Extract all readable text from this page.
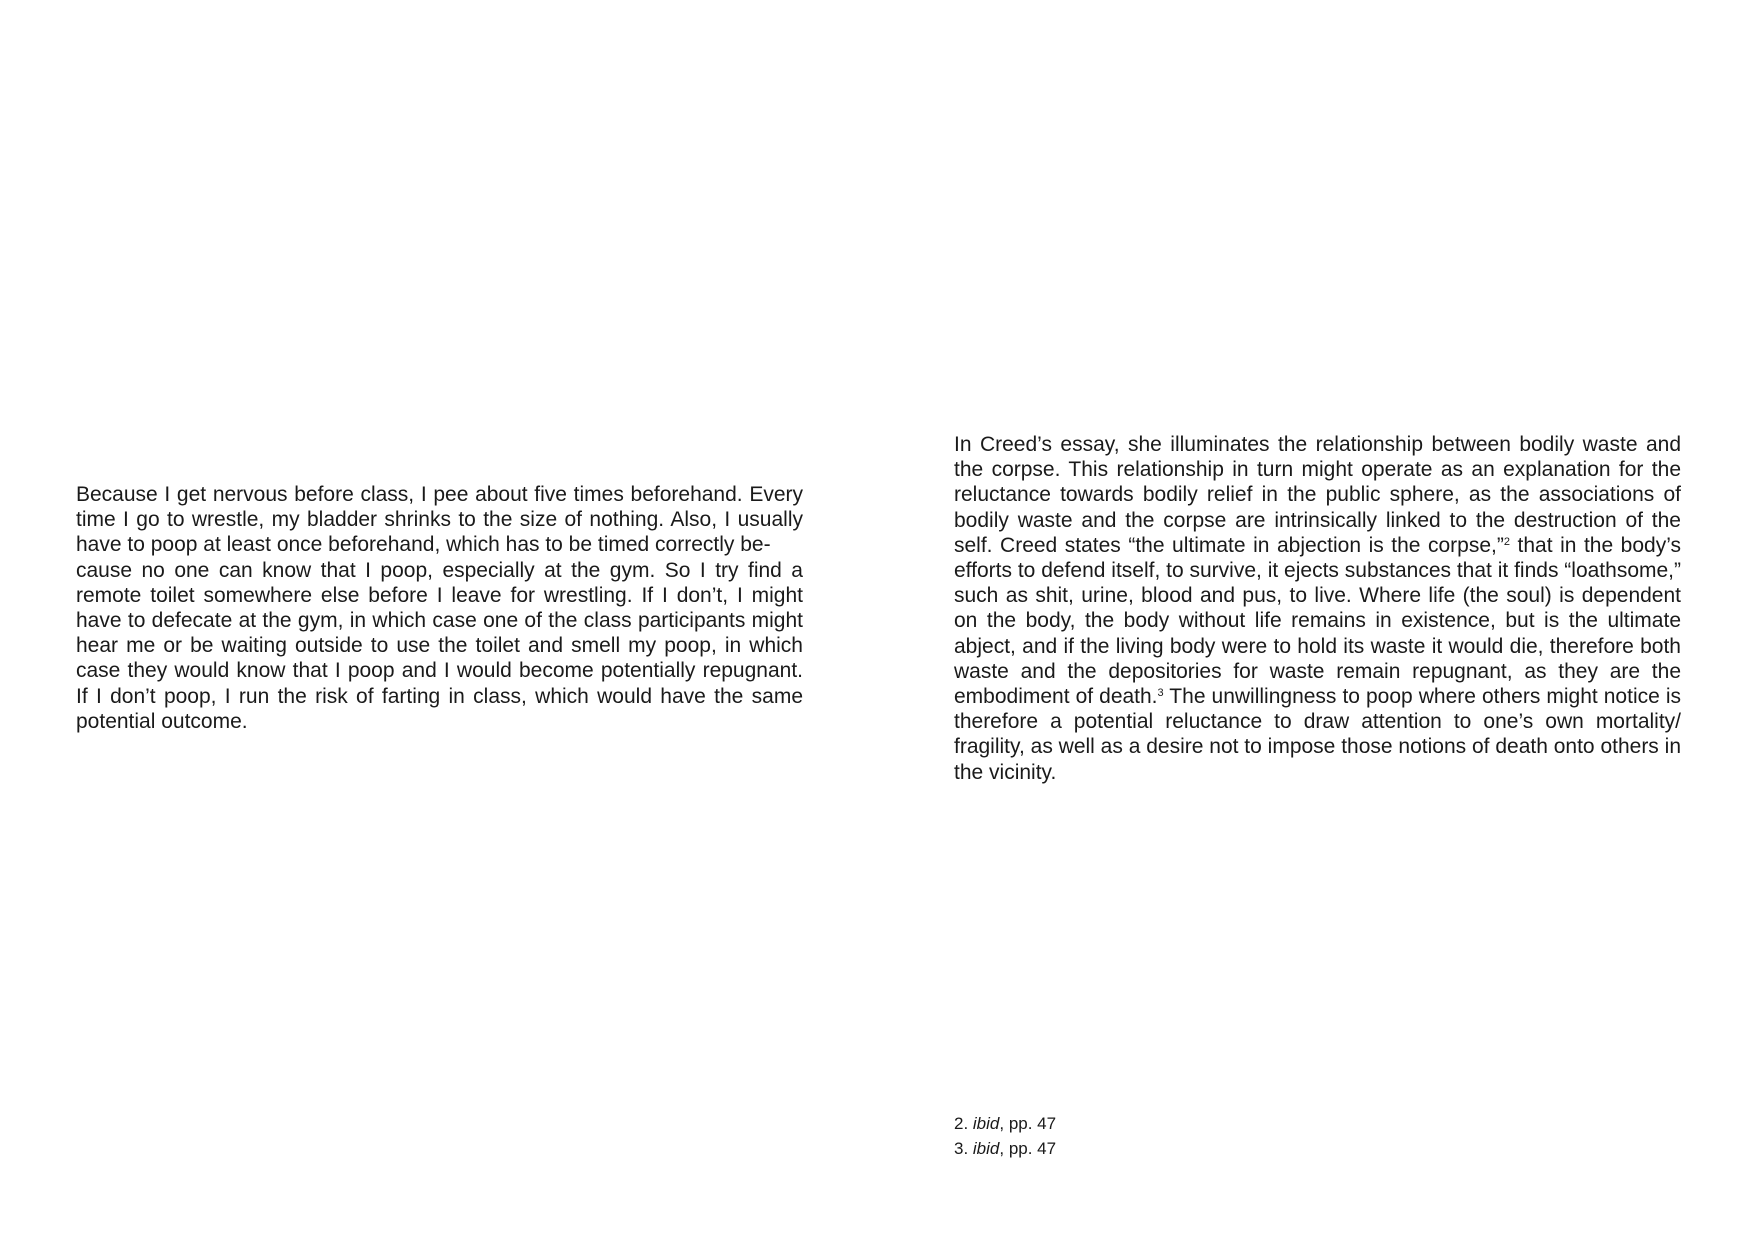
Because I get nervous before class, I pee about five times beforehand. Every time I go to wrestle, my bladder shrinks to the size of nothing. Also, I usually have to poop at least once beforehand, which has to be timed correctly be-
cause no one can know that I poop, especially at the gym. So I try find a remote toilet somewhere else before I leave for wrestling. If I don’t, I might have to defecate at the gym, in which case one of the class participants might hear me or be waiting outside to use the toilet and smell my poop, in which case they would know that I poop and I would become potentially repugnant. If I don’t poop, I run the risk of farting in class, which would have the same potential outcome.

In Creed’s essay, she illuminates the relationship between bodily waste and the corpse. This relationship in turn might operate as an explanation for the reluctance towards bodily relief in the public sphere, as the associations of bodily waste and the corpse are intrinsically linked to the destruction of the self. Creed states “the ultimate in abjection is the corpse,”$^2$ that in the body’s efforts to defend itself, to survive, it ejects substances that it finds “loathsome,” such as shit, urine, blood and pus, to live. Where life (the soul) is dependent on the body, the body without life remains in existence, but is the ultimate abject, and if the living body were to hold its waste it would die, therefore both waste and the depositories for waste remain repugnant, as they are the embodiment of death.$^3$ The unwillingness to poop where others might notice is therefore a potential reluctance to draw attention to one’s own mortality/ fragility, as well as a desire not to impose those notions of death onto others in the vicinity.

2. ibid, pp. 47
3. ibid, pp. 47
